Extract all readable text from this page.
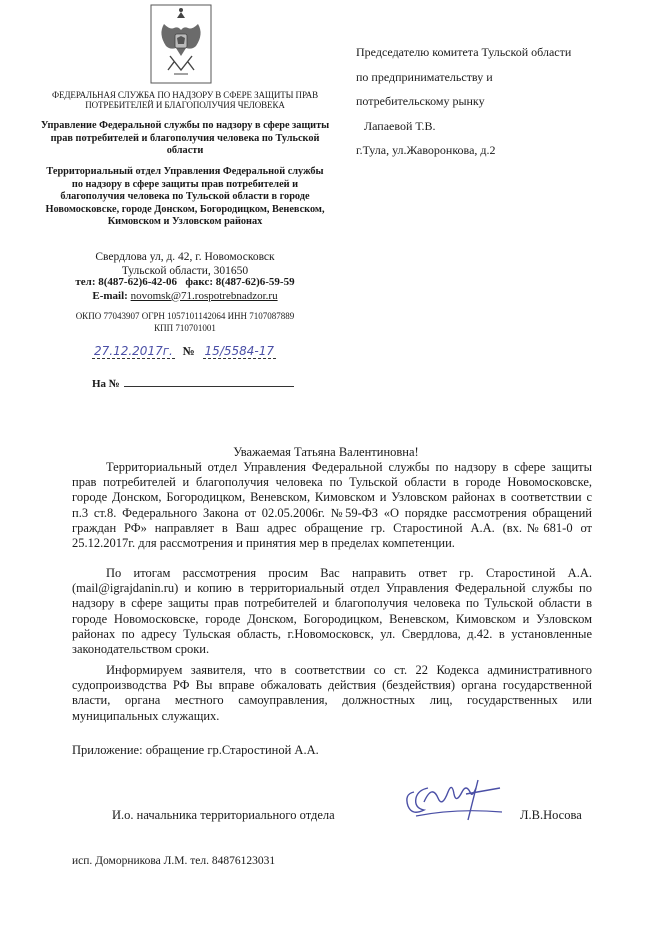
ФЕДЕРАЛЬНАЯ СЛУЖБА ПО НАДЗОРУ В СФЕРЕ ЗАЩИТЫ ПРАВ ПОТРЕБИТЕЛЕЙ И БЛАГОПОЛУЧИЯ ЧЕЛОВЕКА
Управление Федеральной службы по надзору в сфере защиты прав потребителей и благополучия человека по Тульской области
Территориальный отдел Управления Федеральной службы по надзору в сфере защиты прав потребителей и благополучия человека по Тульской области в городе Новомосковске, городе Донском, Богородицком, Веневском, Кимовском и Узловском районах
Свердлова ул, д. 42, г. Новомосковск
Тульской области, 301650
тел: 8(487-62)6-42-06 факс: 8(487-62)6-59-59
E-mail: novomsk@71.rospotrebnadzor.ru
ОКПО 77043907 ОГРН 1057101142064 ИНН 7107087889
КПП 710701001
27.12.2017г. № 15/5584-17
На №
Председателю комитета Тульской области
по предпринимательству и
потребительскому рынку
Лапаевой Т.В.
г.Тула, ул.Жаворонкова, д.2
Уважаемая Татьяна Валентиновна!
Территориальный отдел Управления Федеральной службы по надзору в сфере защиты прав потребителей и благополучия человека по Тульской области в городе Новомосковске, городе Донском, Богородицком, Веневском, Кимовском и Узловском районах в соответствии с п.3 ст.8. Федерального Закона от 02.05.2006г. №59-ФЗ «О порядке рассмотрения обращений граждан РФ» направляет в Ваш адрес обращение гр. Старостиной А.А. (вх.№681-0 от 25.12.2017г. для рассмотрения и принятия мер в пределах компетенции.
По итогам рассмотрения просим Вас направить ответ гр. Старостиной А.А. (mail@igrajdanin.ru) и копию в территориальный отдел Управления Федеральной службы по надзору в сфере защиты прав потребителей и благополучия человека по Тульской области в городе Новомосковске, городе Донском, Богородицком, Веневском, Кимовском и Узловском районах по адресу Тульская область, г.Новомосковск, ул. Свердлова, д.42. в установленные законодательством сроки.
Информируем заявителя, что в соответствии со ст. 22 Кодекса административного судопроизводства РФ Вы вправе обжаловать действия (бездействия) органа государственной власти, органа местного самоуправления, должностных лиц, государственных или муниципальных служащих.
Приложение: обращение гр.Старостиной А.А.
И.о. начальника территориального отдела	Л.В.Носова
исп. Доморникова Л.М. тел. 84876123031
